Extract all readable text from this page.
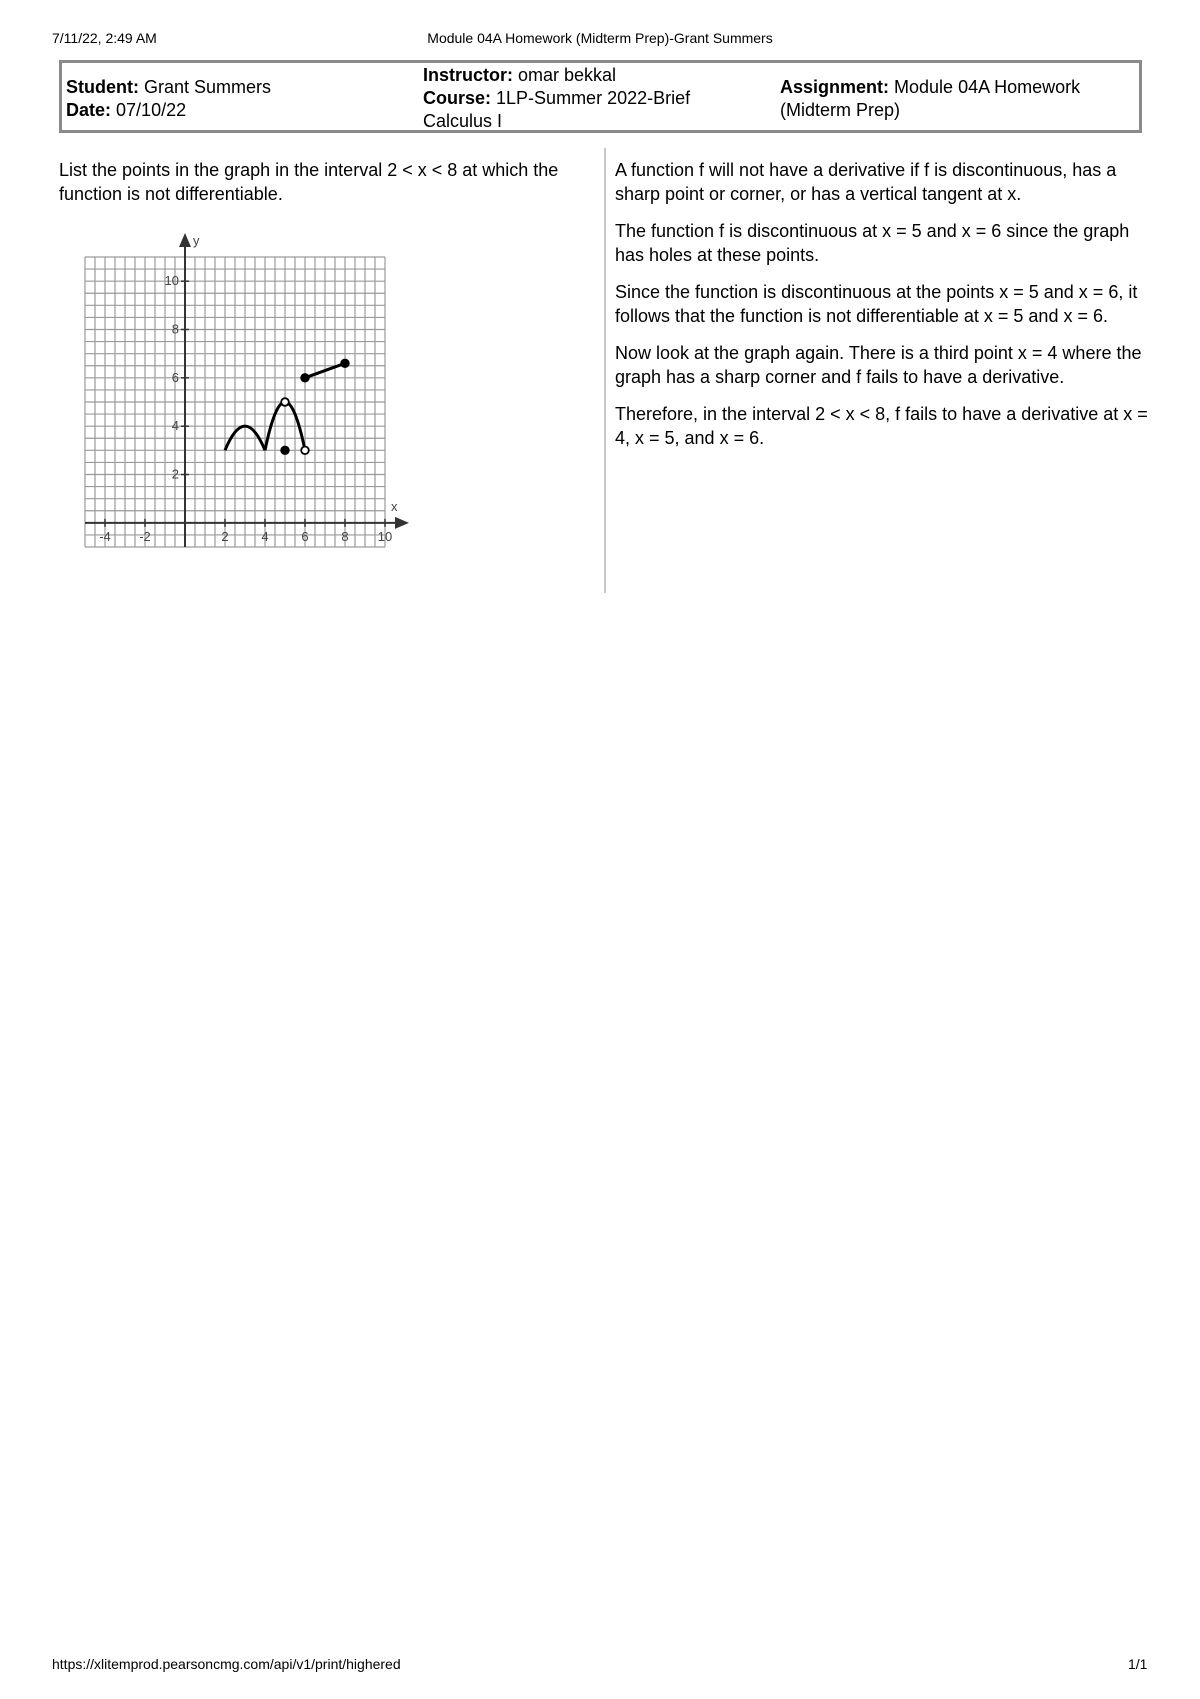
7/11/22, 2:49 AM	Module 04A Homework (Midterm Prep)-Grant Summers
Student: Grant Summers
Date: 07/10/22
Instructor: omar bekkal
Course: 1LP-Summer 2022-Brief Calculus I
Assignment: Module 04A Homework (Midterm Prep)
List the points in the graph in the interval 2 < x < 8 at which the function is not differentiable.
x
y
-4 -2	2	4	6	8 10
2
4
6
8
10

A function f will not have a derivative if f is discontinuous, has a sharp point or corner, or has a vertical tangent at x.

The function f is discontinuous at x = 5 and x = 6 since the graph has holes at these points.

Since the function is discontinuous at the points x = 5 and x = 6, it follows that the function is not differentiable at x = 5 and x = 6.

Now look at the graph again. There is a third point x = 4 where the graph has a sharp corner and f fails to have a derivative.

Therefore, in the interval 2 < x < 8, f fails to have a derivative at x = 4, x = 5, and x = 6.

https://xlitemprod.pearsoncmg.com/api/v1/print/highered	1/1
